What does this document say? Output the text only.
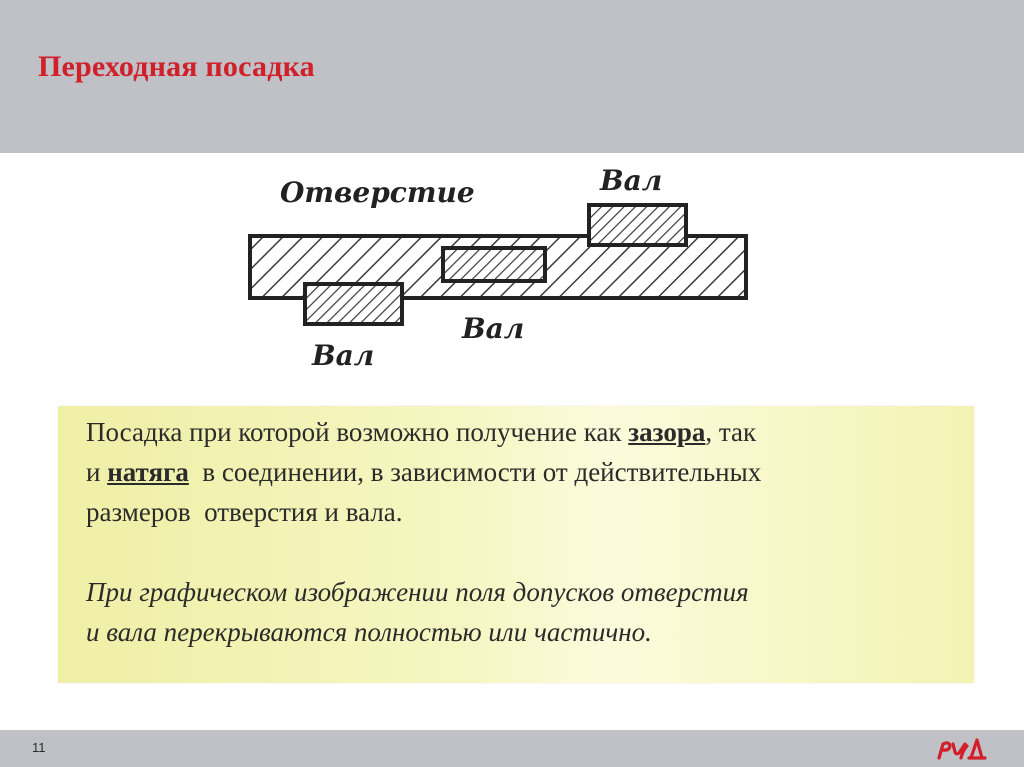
Переходная посадка
Отверстие	Вал
Вал
Вал

Посадка при которой возможно получение как зазора, так
и натяга  в соединении, в зависимости от действительных
размеров  отверстия и вала.

При графическом изображении поля допусков отверстия
и вала перекрываются полностью или частично.

11
